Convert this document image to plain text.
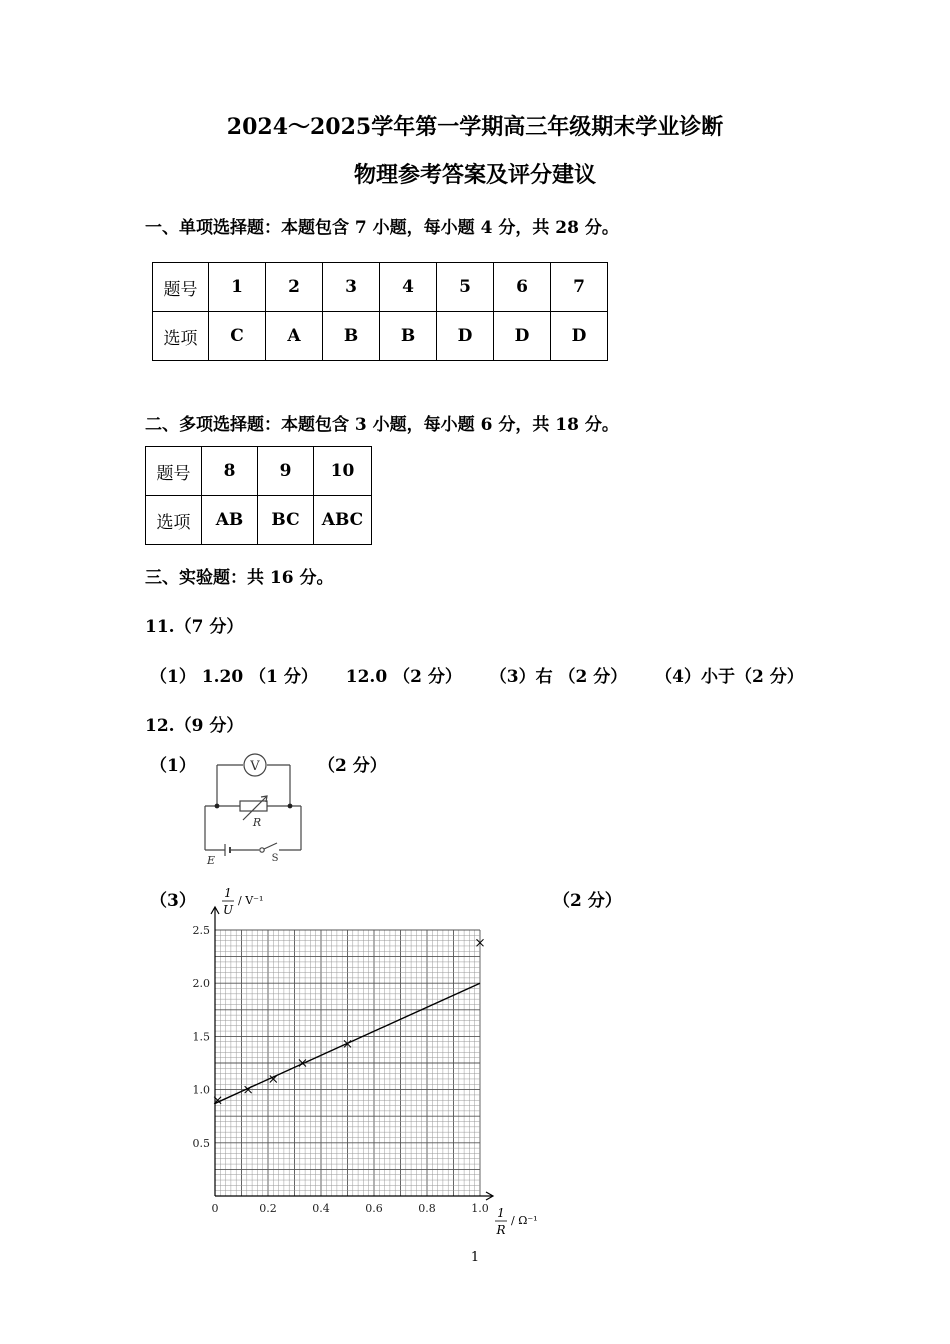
2024～2025学年第一学期高三年级期末学业诊断
物理参考答案及评分建议
一、单项选择题：本题包含 7 小题，每小题 4 分，共 28 分。
题号	1	2	3	4	5	6	7
选项	C	A	B	B	D	D	D
二、多项选择题：本题包含 3 小题，每小题 6 分，共 18 分。
题号	8	9	10
选项	AB	BC	ABC
三、实验题：共 16 分。
11.（7 分）
（1） 1.20 （1 分） 12.0 （2 分） （3）右 （2 分） （4）小于（2 分）
12.（9 分）
（1）	（2 分）
V
R
E	S
（3）	（2 分）
0	0.2	0.4	0.6	0.8	1.0
0.5
1.0
1.5
2.0
2.5
1
U
/ V⁻¹
1
R
/ Ω⁻¹
1
